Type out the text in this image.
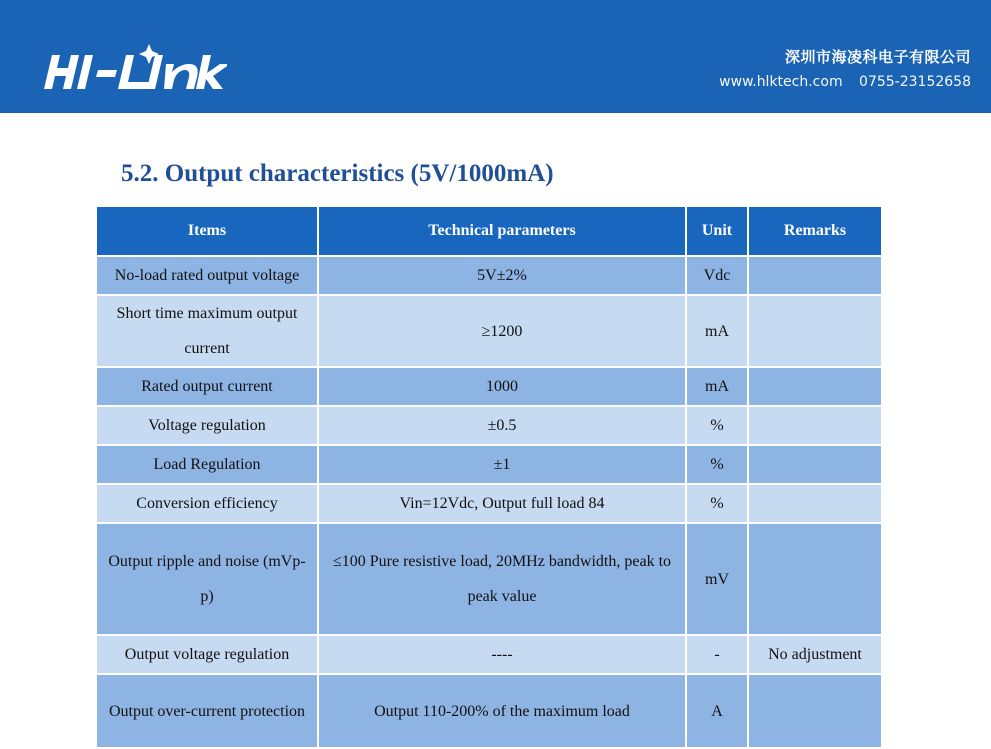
深圳市海凌科电子有限公司
www.hlktech.com 0755-23152658
5.2. Output characteristics (5V/1000mA)
Items	Technical parameters	Unit	Remarks
No-load rated output voltage	5V±2%	Vdc	
Short time maximum output current	≥1200	mA	
Rated output current	1000	mA	
Voltage regulation	±0.5	%	
Load Regulation	±1	%	
Conversion efficiency	Vin=12Vdc, Output full load 84	%	
Output ripple and noise (mVp-p)	≤100 Pure resistive load, 20MHz bandwidth, peak to peak value	mV	
Output voltage regulation	----	-	No adjustment
Output over-current protection	Output 110-200% of the maximum load	A	
